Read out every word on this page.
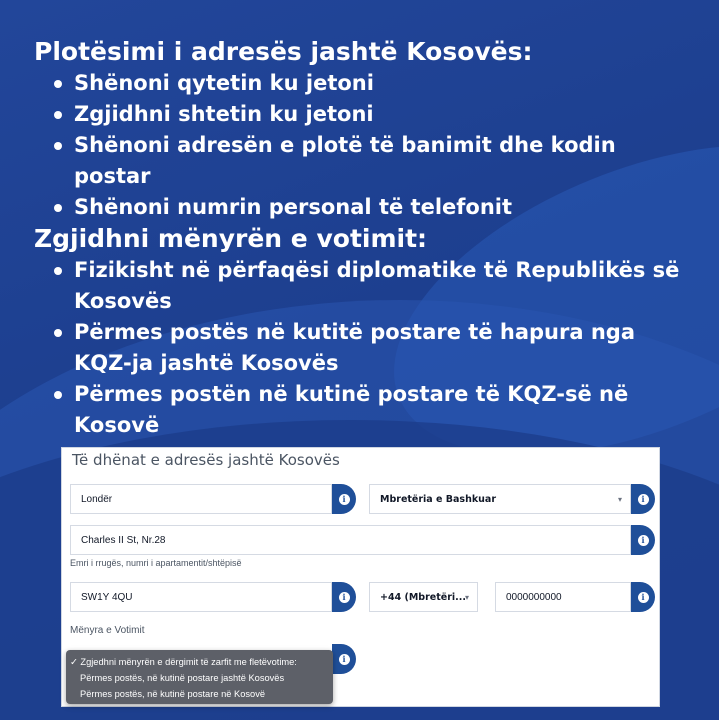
Plotësimi i adresës jashtë Kosovës:
Shënoni qytetin ku jetoni
Zgjidhni shtetin ku jetoni
Shënoni adresën e plotë të banimit dhe kodin postar
Shënoni numrin personal të telefonit
Zgjidhni mënyrën e votimit:
Fizikisht në përfaqësi diplomatike të Republikës së Kosovës
Përmes postës në kutitë postare të hapura nga KQZ-ja jashtë Kosovës
Përmes postën në kutinë postare të KQZ-së në Kosovë
Të dhënat e adresës jashtë Kosovës
Londër	i	Mbretëria e Bashkuar	▾	i
Charles II St, Nr.28	i
Emri i rrugës, numri i apartamentit/shtëpisë
SW1Y 4QU	i	+44 (Mbretëri... ▾	0000000000	i
Mënyra e Votimit
i
✓ Zgjedhni mënyrën e dërgimit të zarfit me fletëvotime:
Përmes postës, në kutinë postare jashtë Kosovës
Përmes postës, në kutinë postare në Kosovë
